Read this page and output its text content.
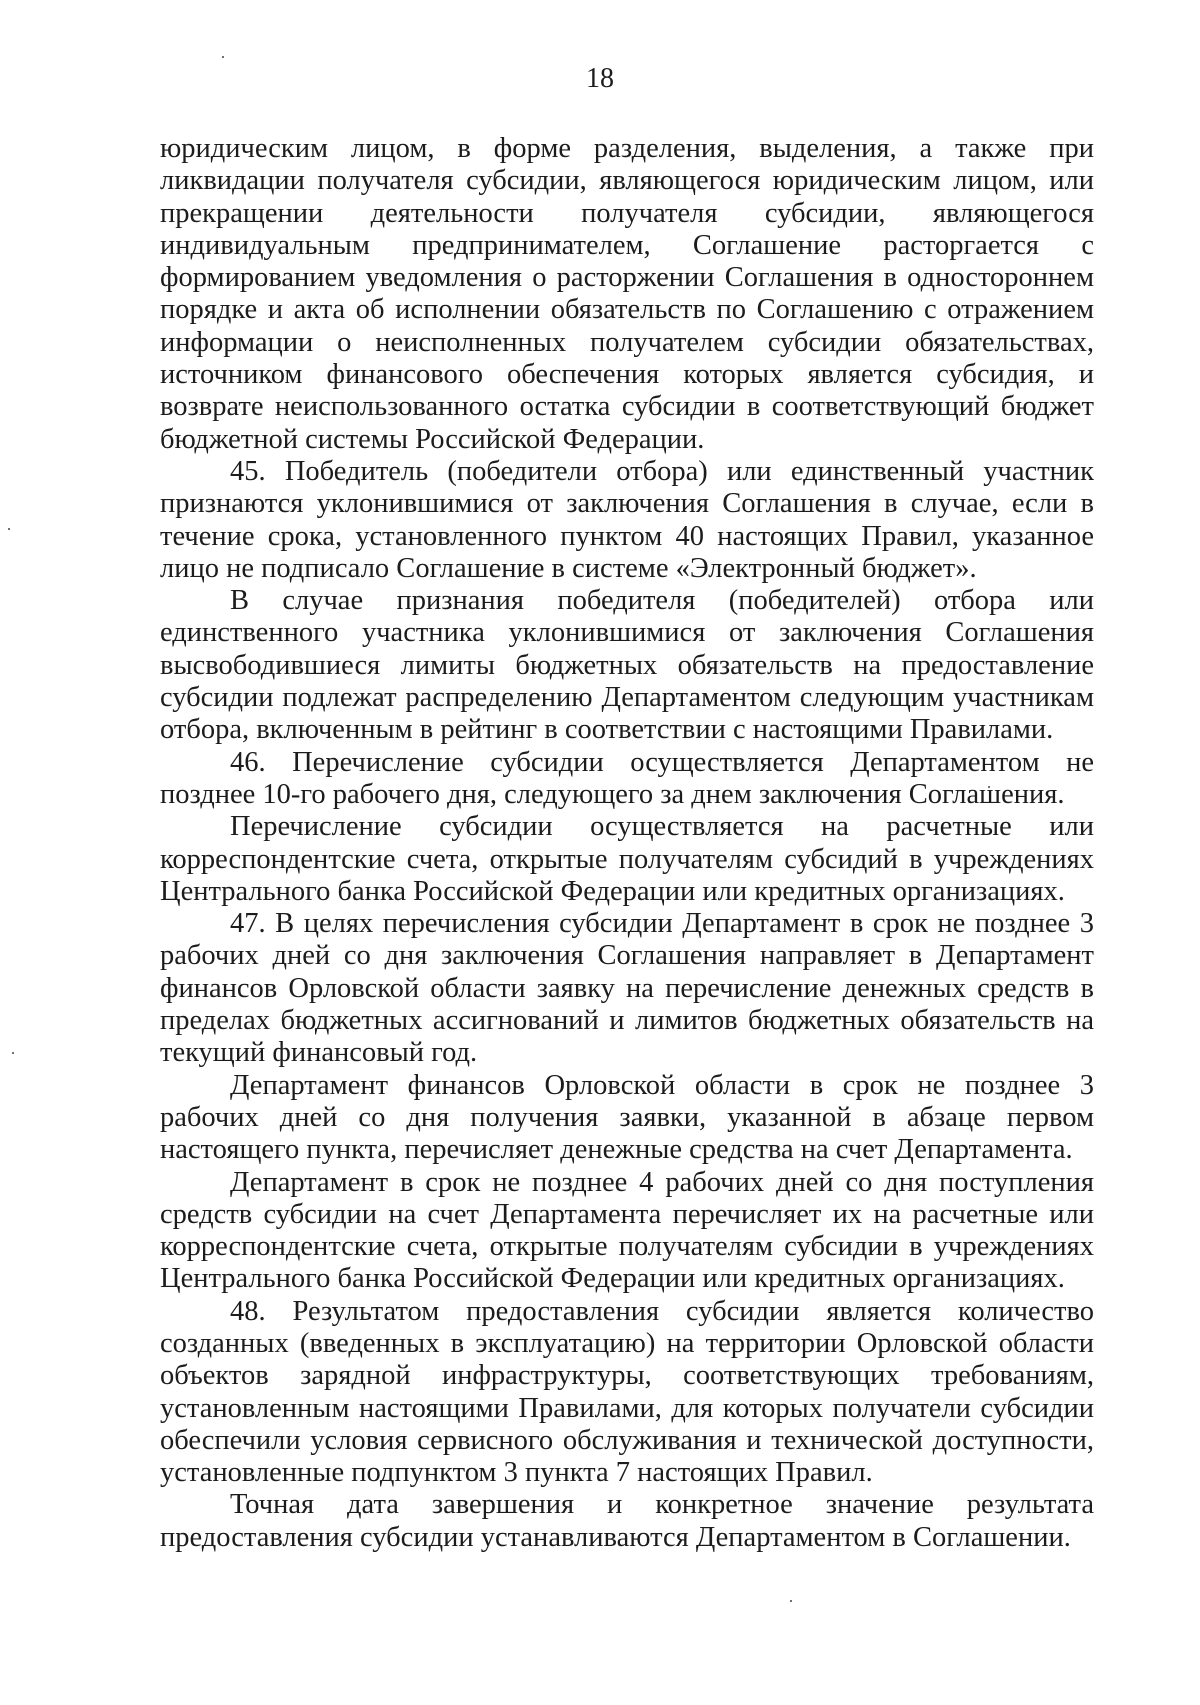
18

юридическим лицом, в форме разделения, выделения, а также при ликвидации получателя субсидии, являющегося юридическим лицом, или прекращении деятельности получателя субсидии, являющегося индивидуальным предпринимателем, Соглашение расторгается с формированием уведомления о расторжении Соглашения в одностороннем порядке и акта об исполнении обязательств по Соглашению с отражением информации о неисполненных получателем субсидии обязательствах, источником финансового обеспечения которых является субсидия, и возврате неиспользованного остатка субсидии в соответствующий бюджет бюджетной системы Российской Федерации.

45. Победитель (победители отбора) или единственный участник признаются уклонившимися от заключения Соглашения в случае, если в течение срока, установленного пунктом 40 настоящих Правил, указанное лицо не подписало Соглашение в системе «Электронный бюджет».

В случае признания победителя (победителей) отбора или единственного участника уклонившимися от заключения Соглашения высвободившиеся лимиты бюджетных обязательств на предоставление субсидии подлежат распределению Департаментом следующим участникам отбора, включенным в рейтинг в соответствии с настоящими Правилами.

46. Перечисление субсидии осуществляется Департаментом не позднее 10-го рабочего дня, следующего за днем заключения Соглашения.

Перечисление субсидии осуществляется на расчетные или корреспондентские счета, открытые получателям субсидий в учреждениях Центрального банка Российской Федерации или кредитных организациях.

47. В целях перечисления субсидии Департамент в срок не позднее 3 рабочих дней со дня заключения Соглашения направляет в Департамент финансов Орловской области заявку на перечисление денежных средств в пределах бюджетных ассигнований и лимитов бюджетных обязательств на текущий финансовый год.

Департамент финансов Орловской области в срок не позднее 3 рабочих дней со дня получения заявки, указанной в абзаце первом настоящего пункта, перечисляет денежные средства на счет Департамента.

Департамент в срок не позднее 4 рабочих дней со дня поступления средств субсидии на счет Департамента перечисляет их на расчетные или корреспондентские счета, открытые получателям субсидии в учреждениях Центрального банка Российской Федерации или кредитных организациях.

48. Результатом предоставления субсидии является количество созданных (введенных в эксплуатацию) на территории Орловской области объектов зарядной инфраструктуры, соответствующих требованиям, установленным настоящими Правилами, для которых получатели субсидии обеспечили условия сервисного обслуживания и технической доступности, установленные подпунктом 3 пункта 7 настоящих Правил.

Точная дата завершения и конкретное значение результата предоставления субсидии устанавливаются Департаментом в Соглашении.
